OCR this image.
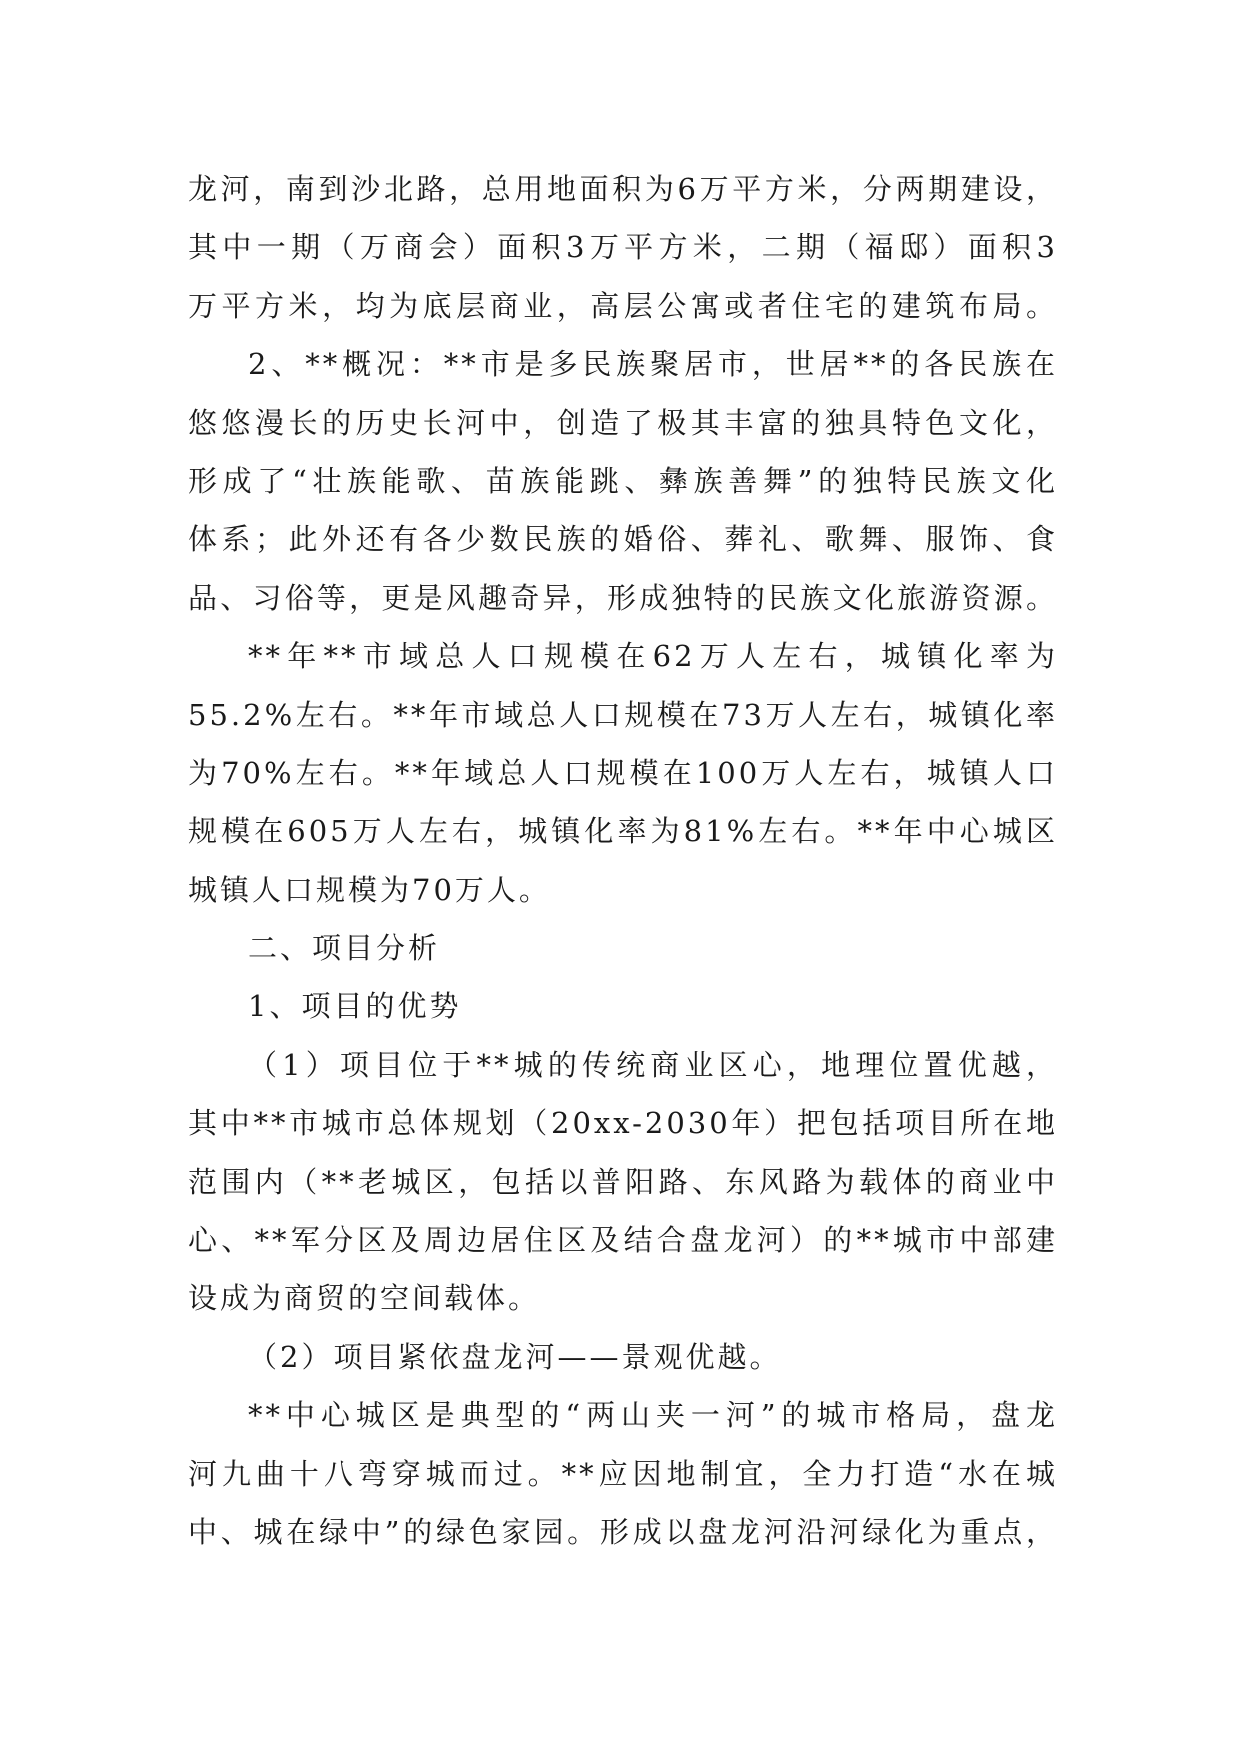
龙河，南到沙北路，总用地面积为6万平方米，分两期建设，
其中一期（万商会）面积3万平方米，二期（福邸）面积3
万平方米，均为底层商业，高层公寓或者住宅的建筑布局。
2、**概况：**市是多民族聚居市，世居**的各民族在
悠悠漫长的历史长河中，创造了极其丰富的独具特色文化，
形成了“壮族能歌、苗族能跳、彝族善舞”的独特民族文化
体系；此外还有各少数民族的婚俗、葬礼、歌舞、服饰、食
品、习俗等，更是风趣奇异，形成独特的民族文化旅游资源。
**年**市域总人口规模在62万人左右，城镇化率为
55.2%左右。**年市域总人口规模在73万人左右，城镇化率
为70%左右。**年域总人口规模在100万人左右，城镇人口
规模在605万人左右，城镇化率为81%左右。**年中心城区
城镇人口规模为70万人。
二、项目分析
1、项目的优势
（1）项目位于**城的传统商业区心，地理位置优越，
其中**市城市总体规划（20xx-2030年）把包括项目所在地
范围内（**老城区，包括以普阳路、东风路为载体的商业中
心、**军分区及周边居住区及结合盘龙河）的**城市中部建
设成为商贸的空间载体。
（2）项目紧依盘龙河——景观优越。
**中心城区是典型的“两山夹一河”的城市格局，盘龙
河九曲十八弯穿城而过。**应因地制宜，全力打造“水在城
中、城在绿中”的绿色家园。形成以盘龙河沿河绿化为重点，
